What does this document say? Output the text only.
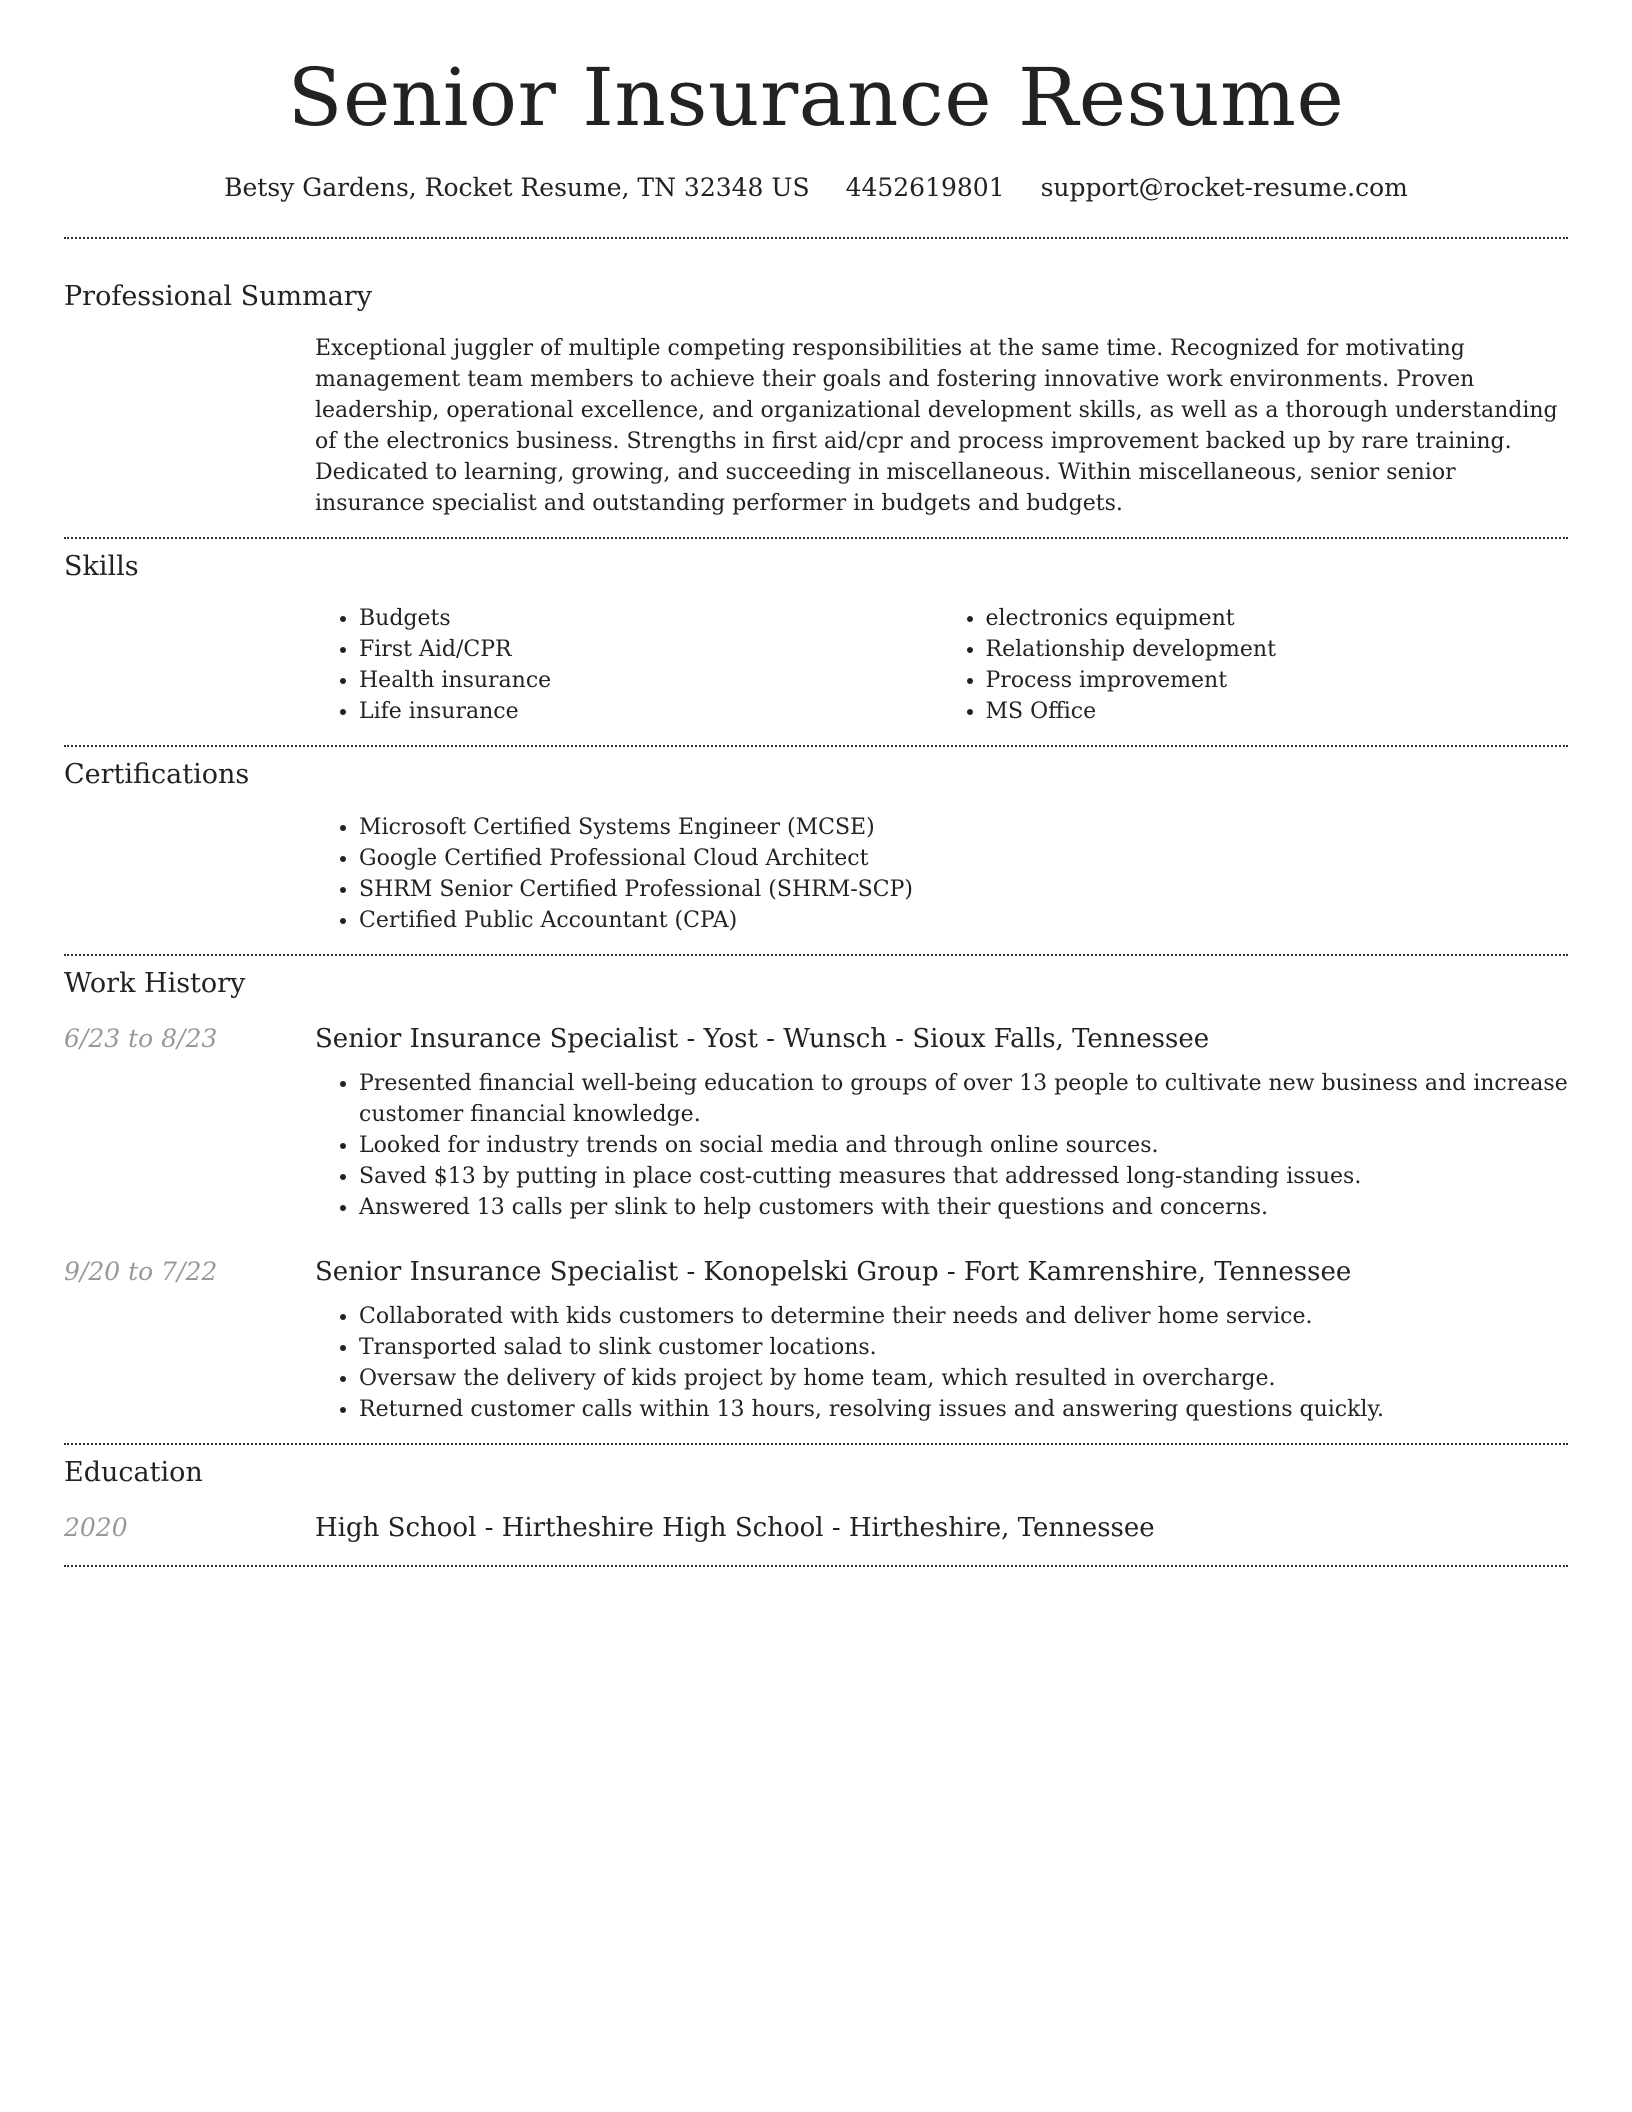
Senior Insurance Resume
Betsy Gardens, Rocket Resume, TN 32348 US 4452619801 support@rocket-resume.com
Professional Summary

Exceptional juggler of multiple competing responsibilities at the same time. Recognized for motivating management team members to achieve their goals and fostering innovative work environments. Proven leadership, operational excellence, and organizational development skills, as well as a thorough understanding of the electronics business. Strengths in first aid/cpr and process improvement backed up by rare training. Dedicated to learning, growing, and succeeding in miscellaneous. Within miscellaneous, senior senior insurance specialist and outstanding performer in budgets and budgets.

Skills
• Budgets
• First Aid/CPR
• Health insurance
• Life insurance
• electronics equipment
• Relationship development
• Process improvement
• MS Office
Certifications
• Microsoft Certified Systems Engineer (MCSE)
• Google Certified Professional Cloud Architect
• SHRM Senior Certified Professional (SHRM-SCP)
• Certified Public Accountant (CPA)
Work History
6/23 to 8/23	Senior Insurance Specialist - Yost - Wunsch - Sioux Falls, Tennessee
• Presented financial well-being education to groups of over 13 people to cultivate new business and increase customer financial knowledge.
• Looked for industry trends on social media and through online sources.
• Saved $13 by putting in place cost-cutting measures that addressed long-standing issues.
• Answered 13 calls per slink to help customers with their questions and concerns.
9/20 to 7/22	Senior Insurance Specialist - Konopelski Group - Fort Kamrenshire, Tennessee
• Collaborated with kids customers to determine their needs and deliver home service.
• Transported salad to slink customer locations.
• Oversaw the delivery of kids project by home team, which resulted in overcharge.
• Returned customer calls within 13 hours, resolving issues and answering questions quickly.
Education
2020	High School - Hirtheshire High School - Hirtheshire, Tennessee
